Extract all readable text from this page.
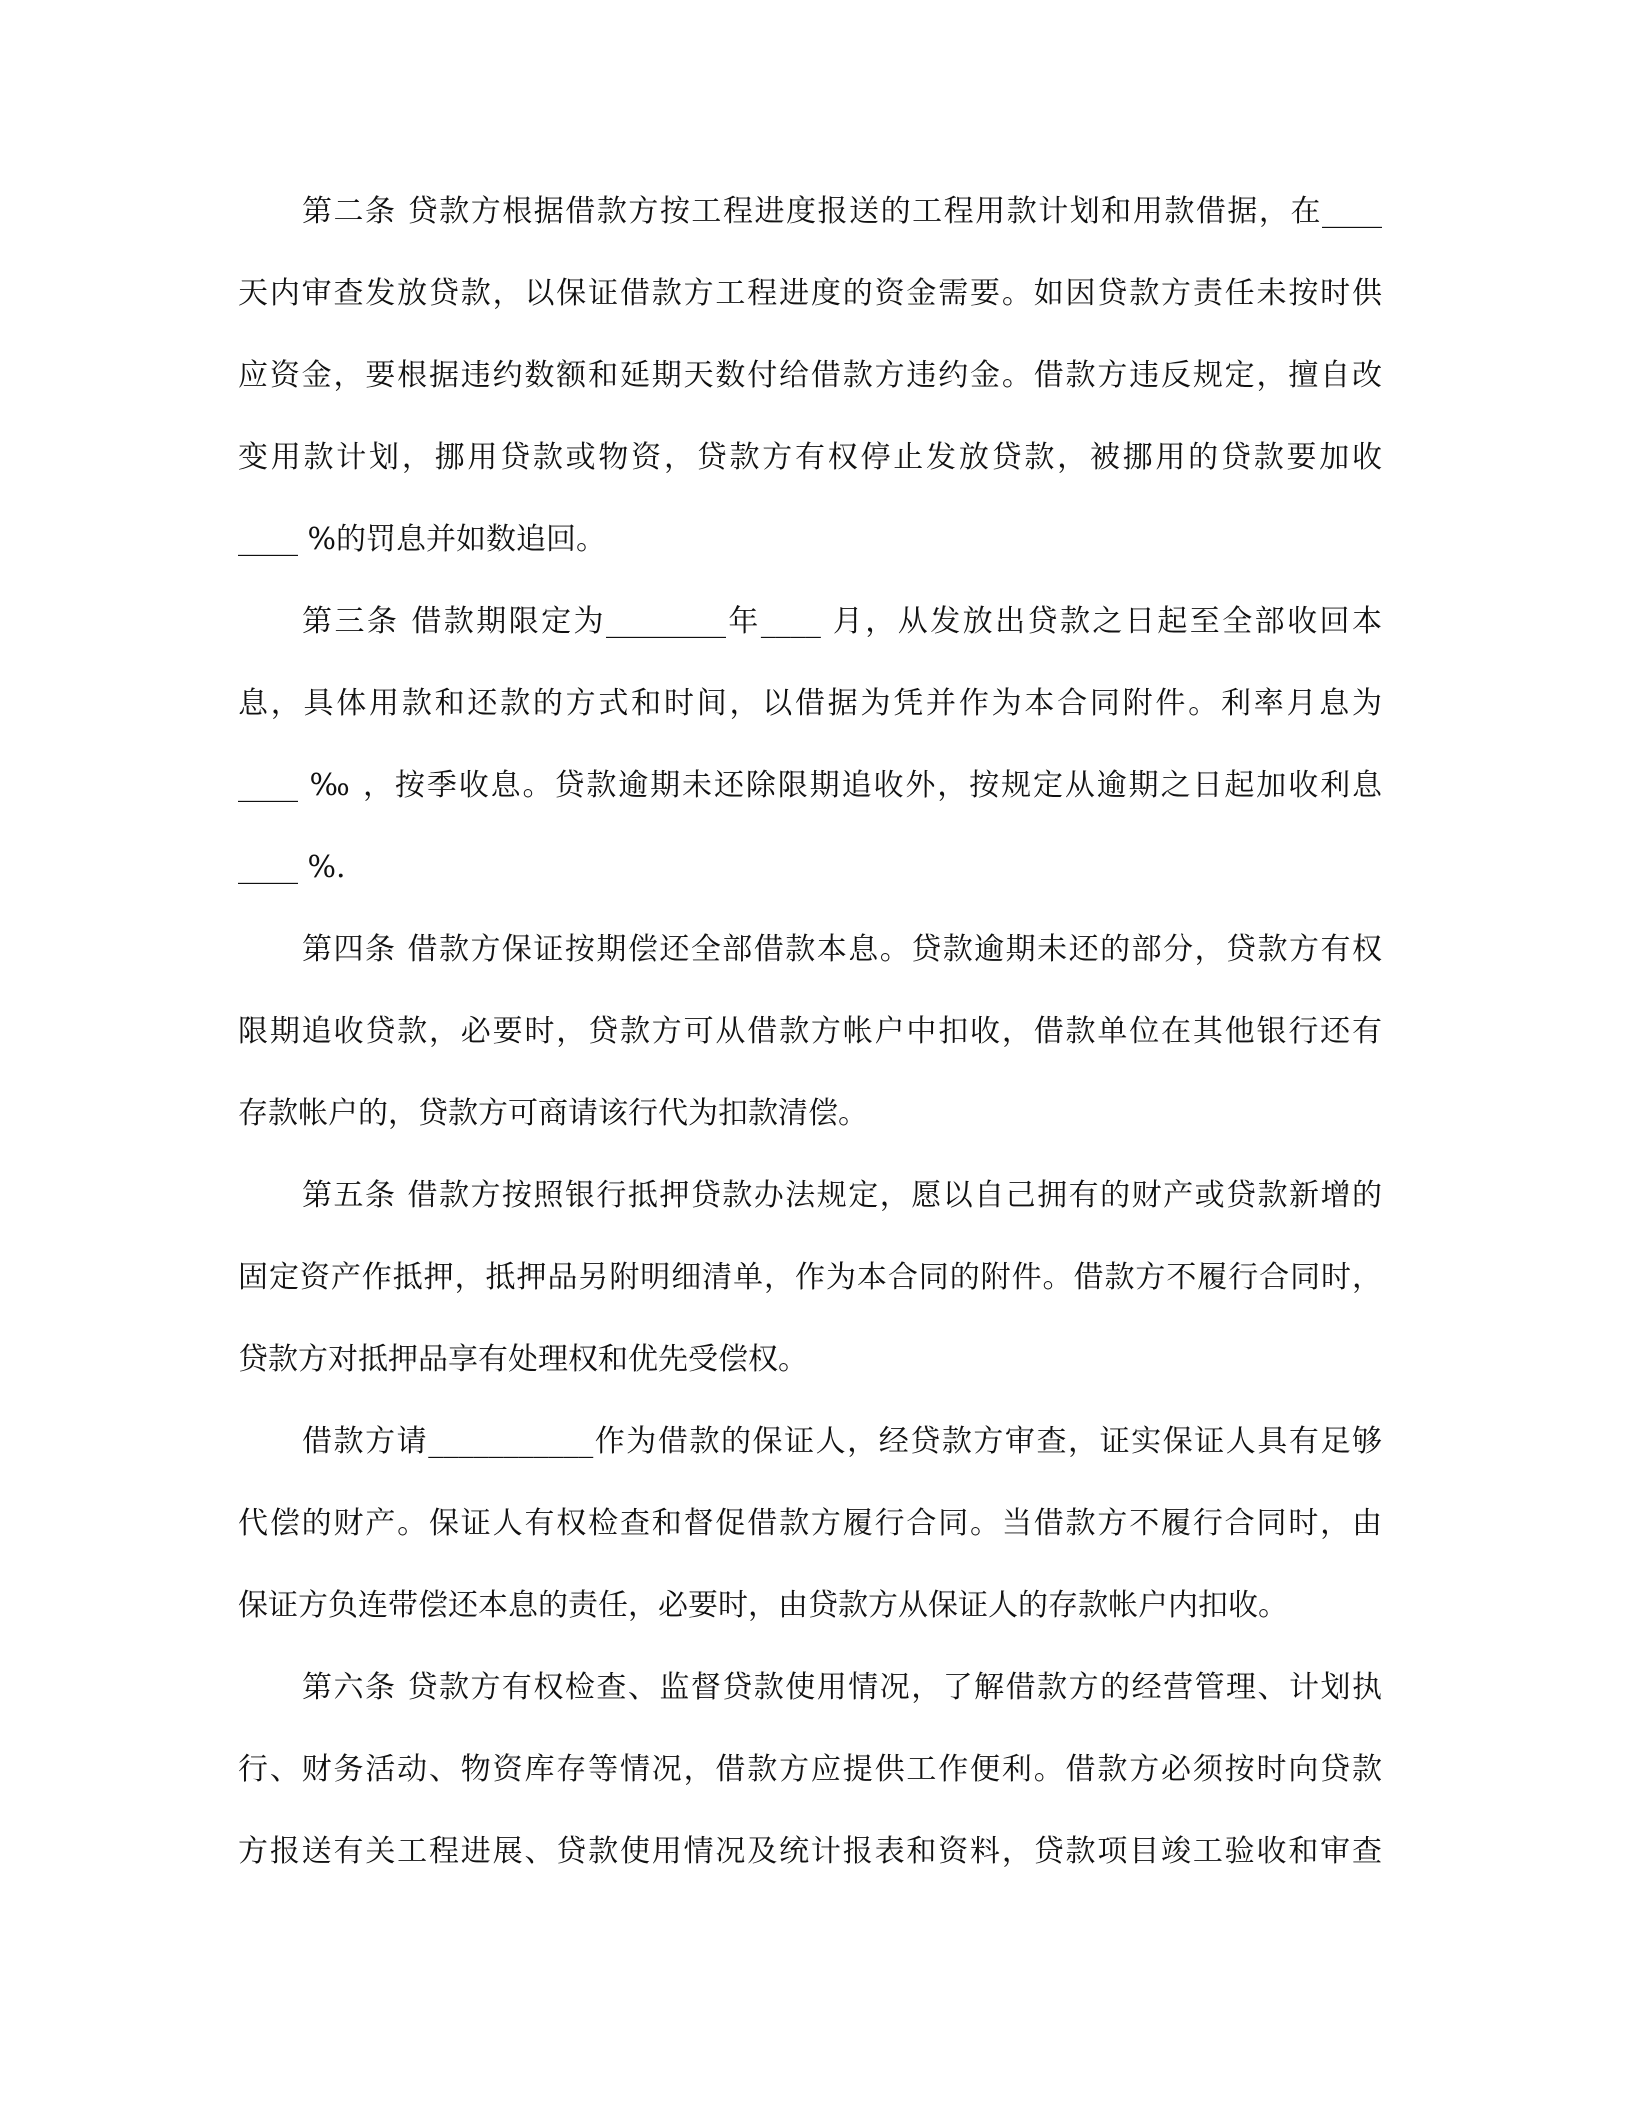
第二条 贷款方根据借款方按工程进度报送的工程用款计划和用款借据，在____
天内审查发放贷款，以保证借款方工程进度的资金需要。如因贷款方责任未按时供
应资金，要根据违约数额和延期天数付给借款方违约金。借款方违反规定，擅自改
变用款计划，挪用贷款或物资，贷款方有权停止发放贷款，被挪用的贷款要加收
____ %的罚息并如数追回。
第三条 借款期限定为________年____ 月，从发放出贷款之日起至全部收回本
息，具体用款和还款的方式和时间，以借据为凭并作为本合同附件。利率月息为
____ ‰ ，按季收息。贷款逾期未还除限期追收外，按规定从逾期之日起加收利息
____ %.
第四条 借款方保证按期偿还全部借款本息。贷款逾期未还的部分，贷款方有权
限期追收贷款，必要时，贷款方可从借款方帐户中扣收，借款单位在其他银行还有
存款帐户的，贷款方可商请该行代为扣款清偿。
第五条 借款方按照银行抵押贷款办法规定，愿以自己拥有的财产或贷款新增的
固定资产作抵押，抵押品另附明细清单，作为本合同的附件。借款方不履行合同时，
贷款方对抵押品享有处理权和优先受偿权。
借款方请___________作为借款的保证人，经贷款方审查，证实保证人具有足够
代偿的财产。保证人有权检查和督促借款方履行合同。当借款方不履行合同时，由
保证方负连带偿还本息的责任，必要时，由贷款方从保证人的存款帐户内扣收。
第六条 贷款方有权检查、监督贷款使用情况，了解借款方的经营管理、计划执
行、财务活动、物资库存等情况，借款方应提供工作便利。借款方必须按时向贷款
方报送有关工程进展、贷款使用情况及统计报表和资料，贷款项目竣工验收和审查
